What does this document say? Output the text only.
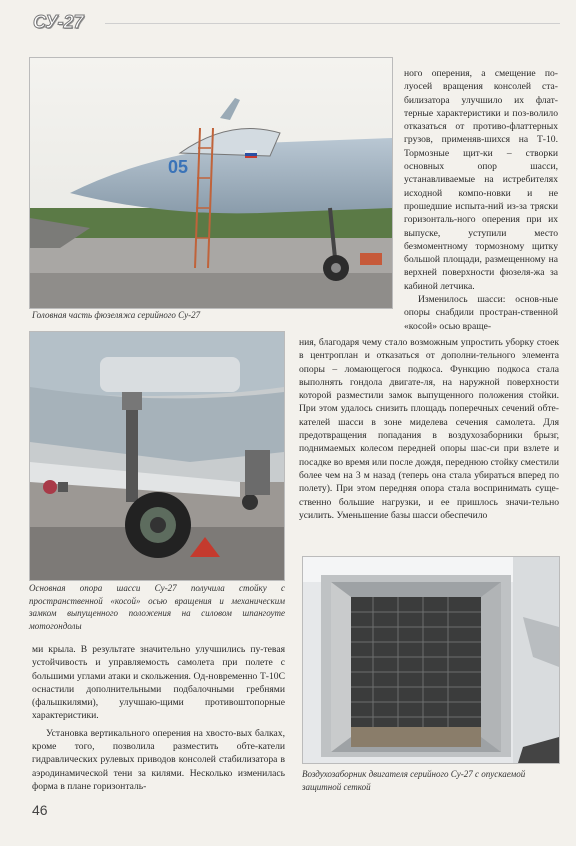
СУ-27
05
Головная часть фюзеляжа серийного Су-27
Основная опора шасси Су-27 получила стойку с пространственной «косой» осью вращения и механическим замком выпущенного положения на силовом шпангоуте мотогондолы

ного оперения, а смещение по-луосей вращения консолей ста-билизатора улучшило их флат-терные характеристики и поз-волило отказаться от противо-флаттерных грузов, применяв-шихся на Т-10. Тормозные щит-ки – створки основных опор шасси, устанавливаемые на истребителях исходной компо-новки и не прошедшие испыта-ний из-за тряски горизонталь-ного оперения при их выпуске, уступили место безмоментному тормозному щитку большой площади, размещенному на верхней поверхности фюзеля-жа за кабиной летчика.

Изменилось шасси: основ-ные опоры снабдили простран-ственной «косой» осью враще-

ния, благодаря чему стало возможным упростить уборку стоек в центроплан и отказаться от дополни-тельного элемента опоры – ломающегося подкоса. Функцию подкоса стала выполнять гондола двигате-ля, на наружной поверхности которой разместили замок выпущенного положения стойки. При этом удалось снизить площадь поперечных сечений обте-кателей шасси в зоне миделева сечения самолета. Для предотвращения попадания в воздухозаборники брызг, поднимаемых колесом передней опоры шас-си при взлете и посадке во время или после дождя, переднюю стойку сместили более чем на 3 м назад (теперь она стала убираться вперед по полету). При этом передняя опора стала воспринимать суще-ственно большие нагрузки, и ее пришлось значи-тельно усилить. Уменьшение базы шасси обеспечило

Воздухозаборник двигателя серийного Су-27 с опускаемой защитной сеткой

ми крыла. В результате значительно улучшились пу-тевая устойчивость и управляемость самолета при полете с большими углами атаки и скольжения. Од-новременно Т-10С оснастили дополнительными подбалочными гребнями (фальшкилями), улучшаю-щими противоштопорные характеристики.

Установка вертикального оперения на хвосто-вых балках, кроме того, позволила разместить обте-катели гидравлических рулевых приводов консолей стабилизатора в аэродинамической тени за килями. Несколько изменилась форма в плане горизонталь-

46
